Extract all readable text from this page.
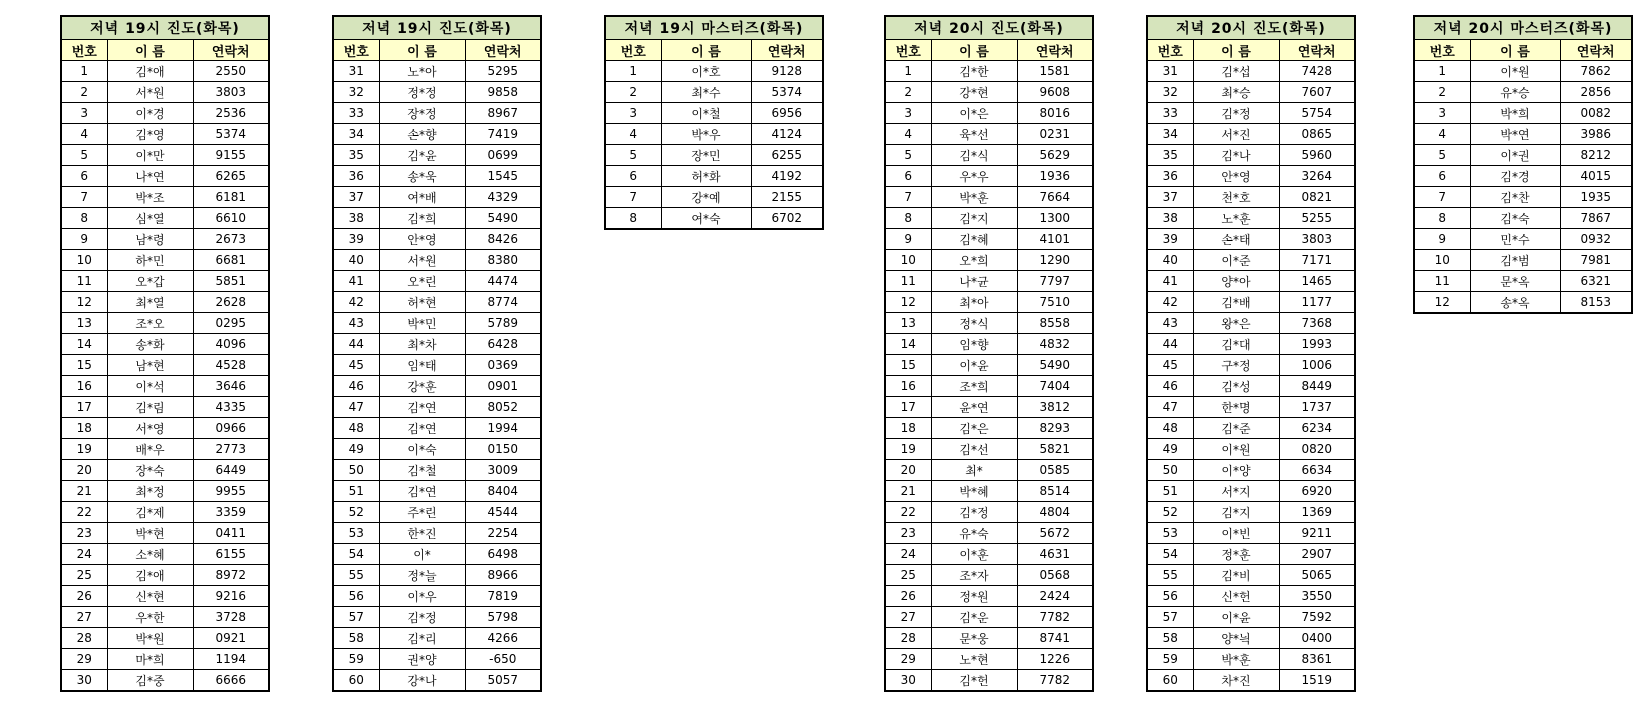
저녁 19시 진도(화목)		
번호	이 름	연락처
1	김*애	2550
2	서*원	3803
3	이*경	2536
4	김*영	5374
5	이*만	9155
6	나*연	6265
7	박*조	6181
8	심*열	6610
9	남*령	2673
10	하*민	6681
11	오*갑	5851
12	최*열	2628
13	조*오	0295
14	송*화	4096
15	남*현	4528
16	이*석	3646
17	김*림	4335
18	서*영	0966
19	배*우	2773
20	장*숙	6449
21	최*정	9955
22	김*제	3359
23	박*현	0411
24	소*혜	6155
25	김*애	8972
26	신*현	9216
27	우*한	3728
28	박*원	0921
29	마*희	1194
30	김*중	6666
저녁 19시 진도(화목)		
번호	이 름	연락처
31	노*아	5295
32	정*정	9858
33	장*정	8967
34	손*향	7419
35	김*윤	0699
36	송*욱	1545
37	여*배	4329
38	김*희	5490
39	안*영	8426
40	서*원	8380
41	오*린	4474
42	허*현	8774
43	박*민	5789
44	최*차	6428
45	임*태	0369
46	강*훈	0901
47	김*연	8052
48	김*연	1994
49	이*숙	0150
50	김*철	3009
51	김*연	8404
52	주*린	4544
53	한*진	2254
54	이*	6498
55	정*늘	8966
56	이*우	7819
57	김*정	5798
58	김*리	4266
59	권*양	-650
60	강*나	5057
저녁 19시 마스터즈(화목)		
번호	이 름	연락처
1	이*호	9128
2	최*수	5374
3	이*철	6956
4	박*우	4124
5	장*민	6255
6	허*화	4192
7	강*예	2155
8	여*숙	6702
저녁 20시 진도(화목)		
번호	이 름	연락처
1	김*한	1581
2	강*현	9608
3	이*은	8016
4	육*선	0231
5	김*식	5629
6	우*우	1936
7	박*훈	7664
8	김*지	1300
9	김*혜	4101
10	오*희	1290
11	나*균	7797
12	최*아	7510
13	정*식	8558
14	임*향	4832
15	이*윤	5490
16	조*희	7404
17	윤*연	3812
18	김*은	8293
19	김*선	5821
20	최*	0585
21	박*혜	8514
22	김*정	4804
23	유*숙	5672
24	이*훈	4631
25	조*자	0568
26	정*원	2424
27	김*운	7782
28	문*웅	8741
29	노*현	1226
30	김*헌	7782
저녁 20시 진도(화목)		
번호	이 름	연락처
31	김*섭	7428
32	최*승	7607
33	김*정	5754
34	서*진	0865
35	김*나	5960
36	안*영	3264
37	천*호	0821
38	노*훈	5255
39	손*태	3803
40	이*준	7171
41	양*아	1465
42	김*배	1177
43	왕*은	7368
44	김*대	1993
45	구*정	1006
46	김*성	8449
47	한*명	1737
48	김*준	6234
49	이*원	0820
50	이*양	6634
51	서*지	6920
52	김*지	1369
53	이*빈	9211
54	정*훈	2907
55	김*비	5065
56	신*헌	3550
57	이*윤	7592
58	양*늭	0400
59	박*훈	8361
60	차*진	1519
저녁 20시 마스터즈(화목)		
번호	이 름	연락처
1	이*원	7862
2	유*승	2856
3	박*희	0082
4	박*연	3986
5	이*권	8212
6	김*경	4015
7	김*찬	1935
8	김*숙	7867
9	민*수	0932
10	김*범	7981
11	문*옥	6321
12	송*옥	8153
